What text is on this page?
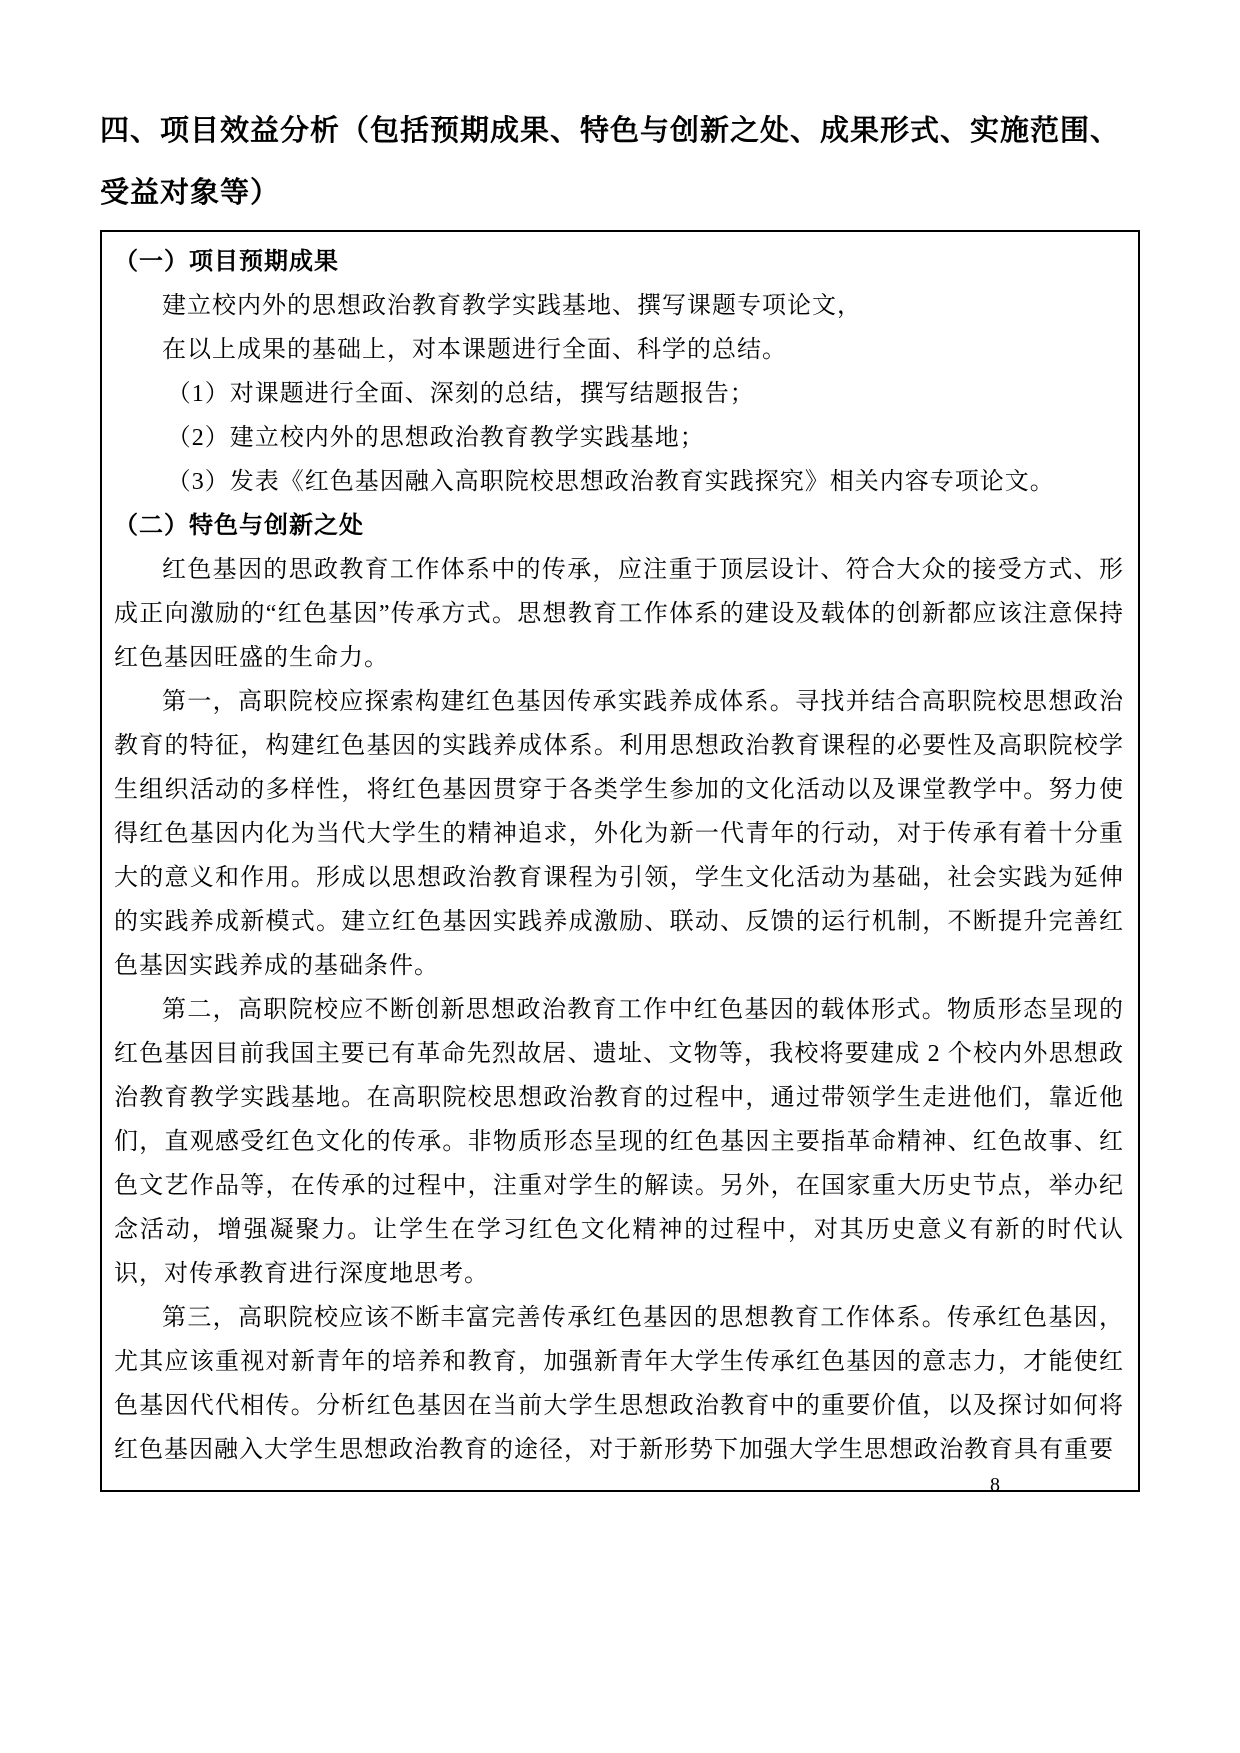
四、项目效益分析（包括预期成果、特色与创新之处、成果形式、实施范围、
受益对象等）

（一）项目预期成果

建立校内外的思想政治教育教学实践基地、撰写课题专项论文，

在以上成果的基础上，对本课题进行全面、科学的总结。

（1）对课题进行全面、深刻的总结，撰写结题报告；

（2）建立校内外的思想政治教育教学实践基地；

（3）发表《红色基因融入高职院校思想政治教育实践探究》相关内容专项论文。

（二）特色与创新之处

红色基因的思政教育工作体系中的传承，应注重于顶层设计、符合大众的接受方式、形成正向激励的“红色基因”传承方式。思想教育工作体系的建设及载体的创新都应该注意保持红色基因旺盛的生命力。

第一，高职院校应探索构建红色基因传承实践养成体系。寻找并结合高职院校思想政治教育的特征，构建红色基因的实践养成体系。利用思想政治教育课程的必要性及高职院校学生组织活动的多样性，将红色基因贯穿于各类学生参加的文化活动以及课堂教学中。努力使得红色基因内化为当代大学生的精神追求，外化为新一代青年的行动，对于传承有着十分重大的意义和作用。形成以思想政治教育课程为引领，学生文化活动为基础，社会实践为延伸的实践养成新模式。建立红色基因实践养成激励、联动、反馈的运行机制，不断提升完善红色基因实践养成的基础条件。

第二，高职院校应不断创新思想政治教育工作中红色基因的载体形式。物质形态呈现的红色基因目前我国主要已有革命先烈故居、遗址、文物等，我校将要建成 2 个校内外思想政治教育教学实践基地。在高职院校思想政治教育的过程中，通过带领学生走进他们，靠近他们，直观感受红色文化的传承。非物质形态呈现的红色基因主要指革命精神、红色故事、红色文艺作品等，在传承的过程中，注重对学生的解读。另外，在国家重大历史节点，举办纪念活动，增强凝聚力。让学生在学习红色文化精神的过程中，对其历史意义有新的时代认识，对传承教育进行深度地思考。

第三，高职院校应该不断丰富完善传承红色基因的思想教育工作体系。传承红色基因，尤其应该重视对新青年的培养和教育，加强新青年大学生传承红色基因的意志力，才能使红色基因代代相传。分析红色基因在当前大学生思想政治教育中的重要价值，以及探讨如何将红色基因融入大学生思想政治教育的途径，对于新形势下加强大学生思想政治教育具有重要

8
